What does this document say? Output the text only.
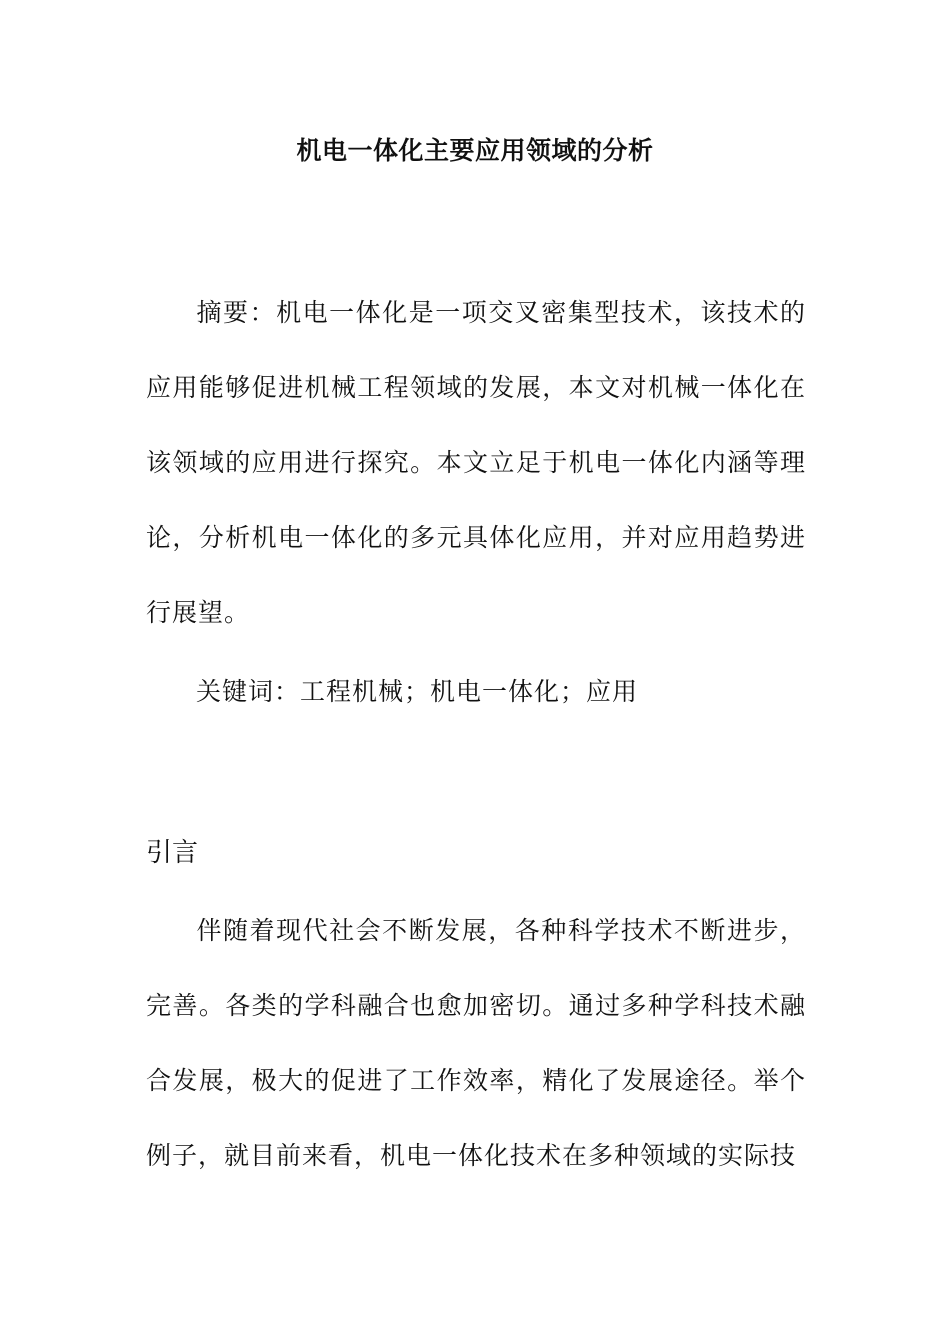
机电一体化主要应用领域的分析
摘要：机电一体化是一项交叉密集型技术，该技术的应用能够促进机械工程领域的发展，本文对机械一体化在该领域的应用进行探究。本文立足于机电一体化内涵等理论，分析机电一体化的多元具体化应用，并对应用趋势进行展望。
关键词：工程机械；机电一体化；应用
引言
伴随着现代社会不断发展，各种科学技术不断进步，完善。各类的学科融合也愈加密切。通过多种学科技术融合发展，极大的促进了工作效率，精化了发展途径。举个例子，就目前来看，机电一体化技术在多种领域的实际技
